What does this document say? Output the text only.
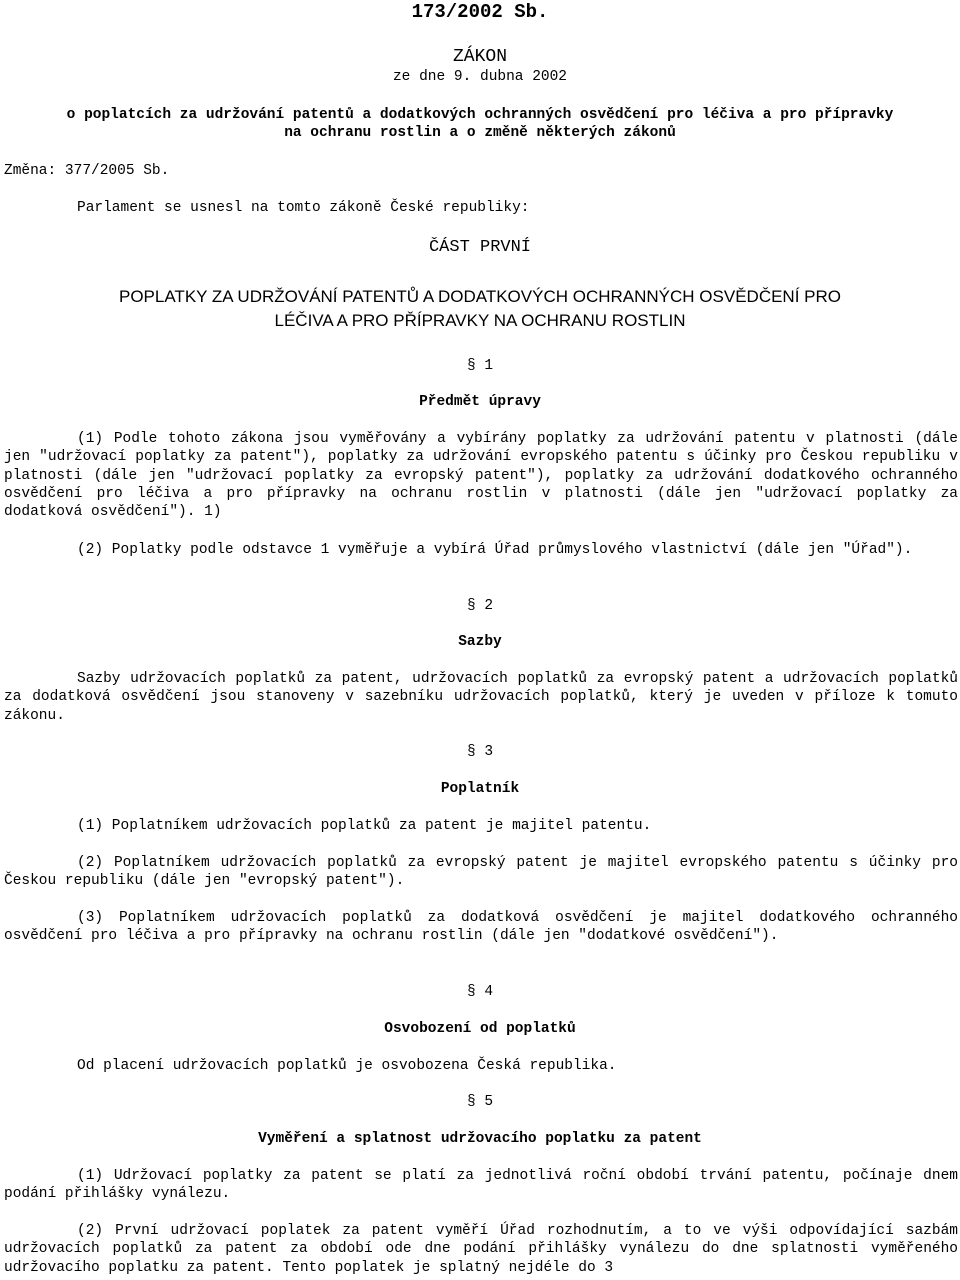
173/2002 Sb.
ZÁKON
ze dne 9. dubna 2002
o poplatcích za udržování patentů a dodatkových ochranných osvědčení pro léčiva a pro přípravky
na ochranu rostlin a o změně některých zákonů
Změna: 377/2005 Sb.
Parlament se usnesl na tomto zákoně České republiky:
ČÁST PRVNÍ
POPLATKY ZA UDRŽOVÁNÍ PATENTŮ A DODATKOVÝCH OCHRANNÝCH OSVĚDČENÍ PRO
LÉČIVA A PRO PŘÍPRAVKY NA OCHRANU ROSTLIN
§ 1
Předmět úpravy
(1) Podle tohoto zákona jsou vyměřovány a vybírány poplatky za udržování patentu v platnosti (dále jen "udržovací poplatky za patent"), poplatky za udržování evropského patentu s účinky pro Českou republiku v platnosti (dále jen "udržovací poplatky za evropský patent"), poplatky za udržování dodatkového ochranného osvědčení pro léčiva a pro přípravky na ochranu rostlin v platnosti (dále jen "udržovací poplatky za dodatková osvědčení"). 1)
(2) Poplatky podle odstavce 1 vyměřuje a vybírá Úřad průmyslového vlastnictví (dále jen "Úřad").
§ 2
Sazby
Sazby udržovacích poplatků za patent, udržovacích poplatků za evropský patent a udržovacích poplatků za dodatková osvědčení jsou stanoveny v sazebníku udržovacích poplatků, který je uveden v příloze k tomuto zákonu.
§ 3
Poplatník
(1) Poplatníkem udržovacích poplatků za patent je majitel patentu.
(2) Poplatníkem udržovacích poplatků za evropský patent je majitel evropského patentu s účinky pro Českou republiku (dále jen "evropský patent").
(3) Poplatníkem udržovacích poplatků za dodatková osvědčení je majitel dodatkového ochranného osvědčení pro léčiva a pro přípravky na ochranu rostlin (dále jen "dodatkové osvědčení").
§ 4
Osvobození od poplatků
Od placení udržovacích poplatků je osvobozena Česká republika.
§ 5
Vyměření a splatnost udržovacího poplatku za patent
(1) Udržovací poplatky za patent se platí za jednotlivá roční období trvání patentu, počínaje dnem podání přihlášky vynálezu.
(2) První udržovací poplatek za patent vyměří Úřad rozhodnutím, a to ve výši odpovídající sazbám udržovacích poplatků za patent za období ode dne podání přihlášky vynálezu do dne splatnosti vyměřeného udržovacího poplatku za patent. Tento poplatek je splatný nejdéle do 3
